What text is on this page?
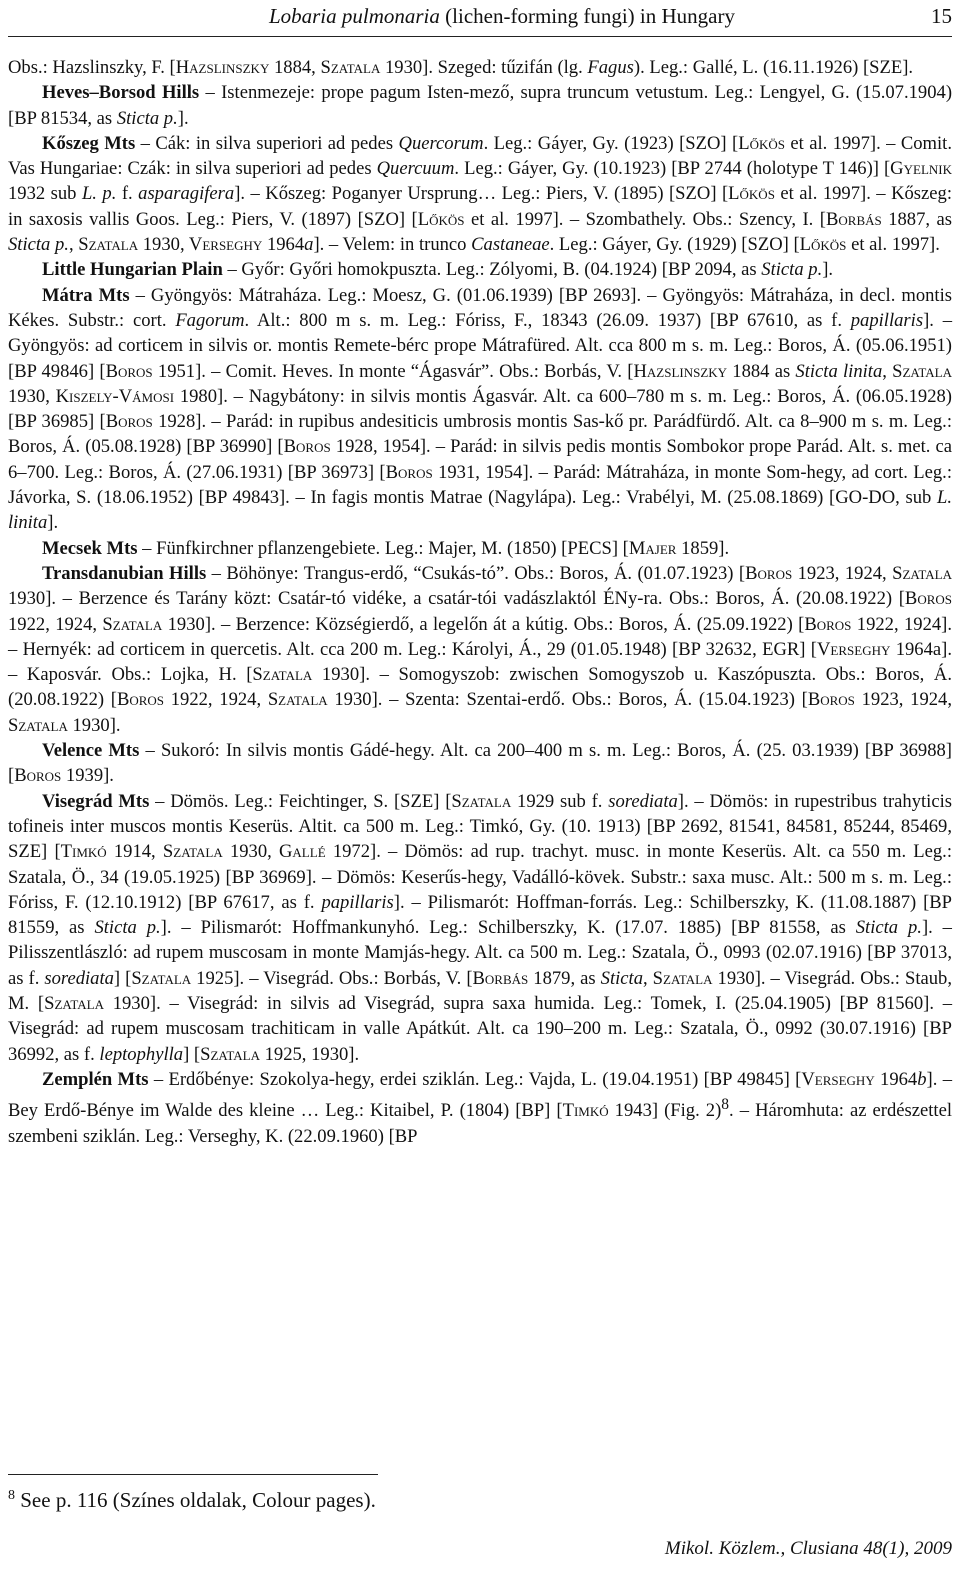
Lobaria pulmonaria (lichen-forming fungi) in Hungary	15

Obs.: Hazslinszky, F. [Hazslinszky 1884, Szatala 1930]. Szeged: tűzifán (lg. Fagus). Leg.: Gallé, L. (16.11.1926) [SZE].

Heves–Borsod Hills – Istenmezeje: prope pagum Isten-mező, supra truncum vetustum. Leg.: Lengyel, G. (15.07.1904) [BP 81534, as Sticta p.].

Kőszeg Mts – Cák: in silva superiori ad pedes Quercorum. Leg.: Gáyer, Gy. (1923) [SZO] [Lőkös et al. 1997]. – Comit. Vas Hungariae: Czák: in silva superiori ad pedes Quercuum. Leg.: Gáyer, Gy. (10.1923) [BP 2744 (holotype T 146)] [Gyelnik 1932 sub L. p. f. asparagifera]. – Kőszeg: Poganyer Ursprung… Leg.: Piers, V. (1895) [SZO] [Lőkös et al. 1997]. – Kőszeg: in saxosis vallis Goos. Leg.: Piers, V. (1897) [SZO] [Lőkös et al. 1997]. – Szombathely. Obs.: Szency, I. [Borbás 1887, as Sticta p., Szatala 1930, Verseghy 1964a]. – Velem: in trunco Castaneae. Leg.: Gáyer, Gy. (1929) [SZO] [Lőkös et al. 1997].

Little Hungarian Plain – Győr: Győri homokpuszta. Leg.: Zólyomi, B. (04.1924) [BP 2094, as Sticta p.].

Mátra Mts – Gyöngyös: Mátraháza. Leg.: Moesz, G. (01.06.1939) [BP 2693]. – Gyöngyös: Mátraháza, in decl. montis Kékes. Substr.: cort. Fagorum. Alt.: 800 m s. m. Leg.: Fóriss, F., 18343 (26.09. 1937) [BP 67610, as f. papillaris]. – Gyöngyös: ad corticem in silvis or. montis Remete-bérc prope Mátrafüred. Alt. cca 800 m s. m. Leg.: Boros, Á. (05.06.1951) [BP 49846] [Boros 1951]. – Comit. Heves. In monte “Ágasvár”. Obs.: Borbás, V. [Hazslinszky 1884 as Sticta linita, Szatala 1930, Kiszely-Vámosi 1980]. – Nagybátony: in silvis montis Ágasvár. Alt. ca 600–780 m s. m. Leg.: Boros, Á. (06.05.1928) [BP 36985] [Boros 1928]. – Parád: in rupibus andesiticis umbrosis montis Sas-kő pr. Parádfürdő. Alt. ca 8–900 m s. m. Leg.: Boros, Á. (05.08.1928) [BP 36990] [Boros 1928, 1954]. – Parád: in silvis pedis montis Sombokor prope Parád. Alt. s. met. ca 6–700. Leg.: Boros, Á. (27.06.1931) [BP 36973] [Boros 1931, 1954]. – Parád: Mátraháza, in monte Som-hegy, ad cort. Leg.: Jávorka, S. (18.06.1952) [BP 49843]. – In fagis montis Matrae (Nagylápa). Leg.: Vrabélyi, M. (25.08.1869) [GO-DO, sub L. linita].

Mecsek Mts – Fünfkirchner pflanzengebiete. Leg.: Majer, M. (1850) [PECS] [Majer 1859].

Transdanubian Hills – Böhönye: Trangus-erdő, “Csukás-tó”. Obs.: Boros, Á. (01.07.1923) [Boros 1923, 1924, Szatala 1930]. – Berzence és Tarány közt: Csatár-tó vidéke, a csatár-tói vadászlaktól ÉNy-ra. Obs.: Boros, Á. (20.08.1922) [Boros 1922, 1924, Szatala 1930]. – Berzence: Községierdő, a legelőn át a kútig. Obs.: Boros, Á. (25.09.1922) [Boros 1922, 1924]. – Hernyék: ad corticem in quercetis. Alt. cca 200 m. Leg.: Károlyi, Á., 29 (01.05.1948) [BP 32632, EGR] [Verseghy 1964a]. – Kaposvár. Obs.: Lojka, H. [Szatala 1930]. – Somogyszob: zwischen Somogyszob u. Kaszópuszta. Obs.: Boros, Á. (20.08.1922) [Boros 1922, 1924, Szatala 1930]. – Szenta: Szentai-erdő. Obs.: Boros, Á. (15.04.1923) [Boros 1923, 1924, Szatala 1930].

Velence Mts – Sukoró: In silvis montis Gádé-hegy. Alt. ca 200–400 m s. m. Leg.: Boros, Á. (25. 03.1939) [BP 36988] [Boros 1939].

Visegrád Mts – Dömös. Leg.: Feichtinger, S. [SZE] [Szatala 1929 sub f. sorediata]. – Dömös: in rupestribus trahyticis tofineis inter muscos montis Keserüs. Altit. ca 500 m. Leg.: Timkó, Gy. (10. 1913) [BP 2692, 81541, 84581, 85244, 85469, SZE] [Timkó 1914, Szatala 1930, Gallé 1972]. – Dömös: ad rup. trachyt. musc. in monte Keserüs. Alt. ca 550 m. Leg.: Szatala, Ö., 34 (19.05.1925) [BP 36969]. – Dömös: Keserűs-hegy, Vadálló-kövek. Substr.: saxa musc. Alt.: 500 m s. m. Leg.: Fóriss, F. (12.10.1912) [BP 67617, as f. papillaris]. – Pilismarót: Hoffman-forrás. Leg.: Schilberszky, K. (11.08.1887) [BP 81559, as Sticta p.]. – Pilismarót: Hoffmankunyhó. Leg.: Schilberszky, K. (17.07. 1885) [BP 81558, as Sticta p.]. – Pilisszentlászló: ad rupem muscosam in monte Mamjás-hegy. Alt. ca 500 m. Leg.: Szatala, Ö., 0993 (02.07.1916) [BP 37013, as f. sorediata] [Szatala 1925]. – Visegrád. Obs.: Borbás, V. [Borbás 1879, as Sticta, Szatala 1930]. – Visegrád. Obs.: Staub, M. [Szatala 1930]. – Visegrád: in silvis ad Visegrád, supra saxa humida. Leg.: Tomek, I. (25.04.1905) [BP 81560]. – Visegrád: ad rupem muscosam trachiticam in valle Apátkút. Alt. ca 190–200 m. Leg.: Szatala, Ö., 0992 (30.07.1916) [BP 36992, as f. leptophylla] [Szatala 1925, 1930].

Zemplén Mts – Erdőbénye: Szokolya-hegy, erdei sziklán. Leg.: Vajda, L. (19.04.1951) [BP 49845] [Verseghy 1964b]. – Bey Erdő-Bénye im Walde des kleine … Leg.: Kitaibel, P. (1804) [BP] [Timkó 1943] (Fig. 2)$^8$. – Háromhuta: az erdészettel szembeni sziklán. Leg.: Verseghy, K. (22.09.1960) [BP

$^8$ See p. 116 (Színes oldalak, Colour pages).
Mikol. Közlem., Clusiana 48(1), 2009
